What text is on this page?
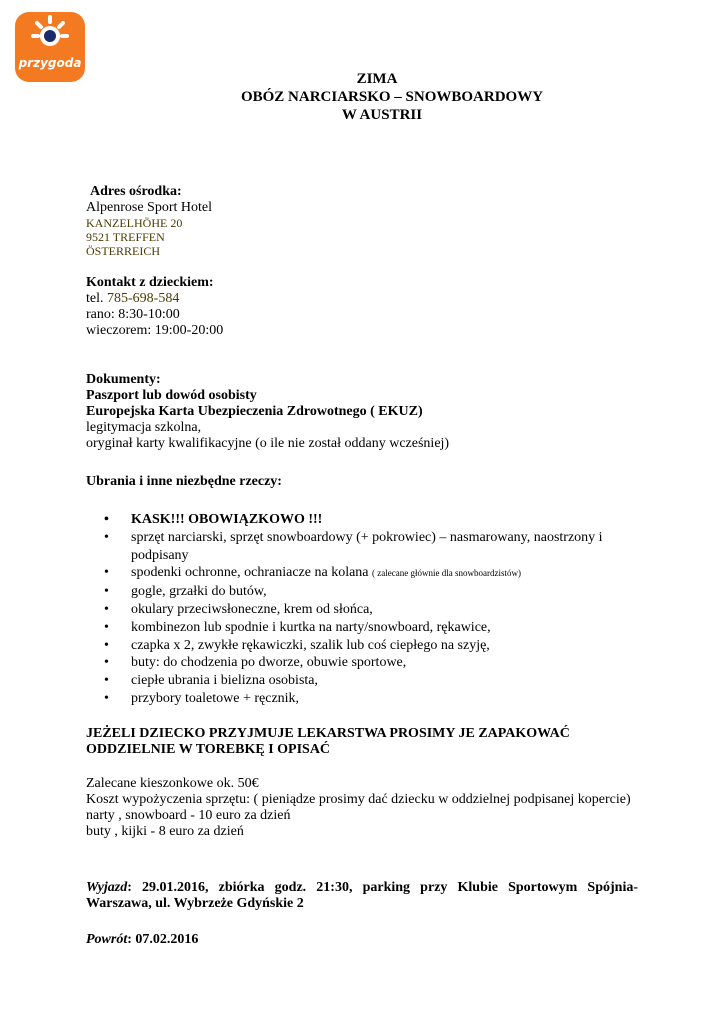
przygoda
ZIMA
OBÓZ NARCIARSKO – SNOWBOARDOWY
W AUSTRII
Adres ośrodka:
Alpenrose Sport Hotel
KANZELHÖHE 20
9521 TREFFEN
ÖSTERREICH
Kontakt z dzieckiem:
tel. 785-698-584
rano: 8:30-10:00
wieczorem: 19:00-20:00
Dokumenty:
Paszport lub dowód osobisty
Europejska Karta Ubezpieczenia Zdrowotnego ( EKUZ)
legitymacja szkolna,
oryginał karty kwalifikacyjne (o ile nie został oddany wcześniej)
Ubrania i inne niezbędne rzeczy:
• KASK!!! OBOWIĄZKOWO !!!
• sprzęt narciarski, sprzęt snowboardowy (+ pokrowiec) – nasmarowany, naostrzony i podpisany
• spodenki ochronne, ochraniacze na kolana ( zalecane głównie dla snowboardzistów)
• gogle, grzałki do butów,
• okulary przeciwsłoneczne, krem od słońca,
• kombinezon lub spodnie i kurtka na narty/snowboard, rękawice,
• czapka x 2, zwykłe rękawiczki, szalik lub coś ciepłego na szyję,
• buty: do chodzenia po dworze, obuwie sportowe,
• ciepłe ubrania i bielizna osobista,
• przybory toaletowe + ręcznik,
JEŻELI DZIECKO PRZYJMUJE LEKARSTWA PROSIMY JE ZAPAKOWAĆ
ODDZIELNIE W TOREBKĘ I OPISAĆ
Zalecane kieszonkowe ok. 50€
Koszt wypożyczenia sprzętu: ( pieniądze prosimy dać dziecku w oddzielnej podpisanej kopercie)
narty , snowboard - 10 euro za dzień
buty , kijki - 8 euro za dzień
Wyjazd: 29.01.2016, zbiórka godz. 21:30, parking przy Klubie Sportowym Spójnia-Warszawa, ul. Wybrzeże Gdyńskie 2
Powrót: 07.02.2016
